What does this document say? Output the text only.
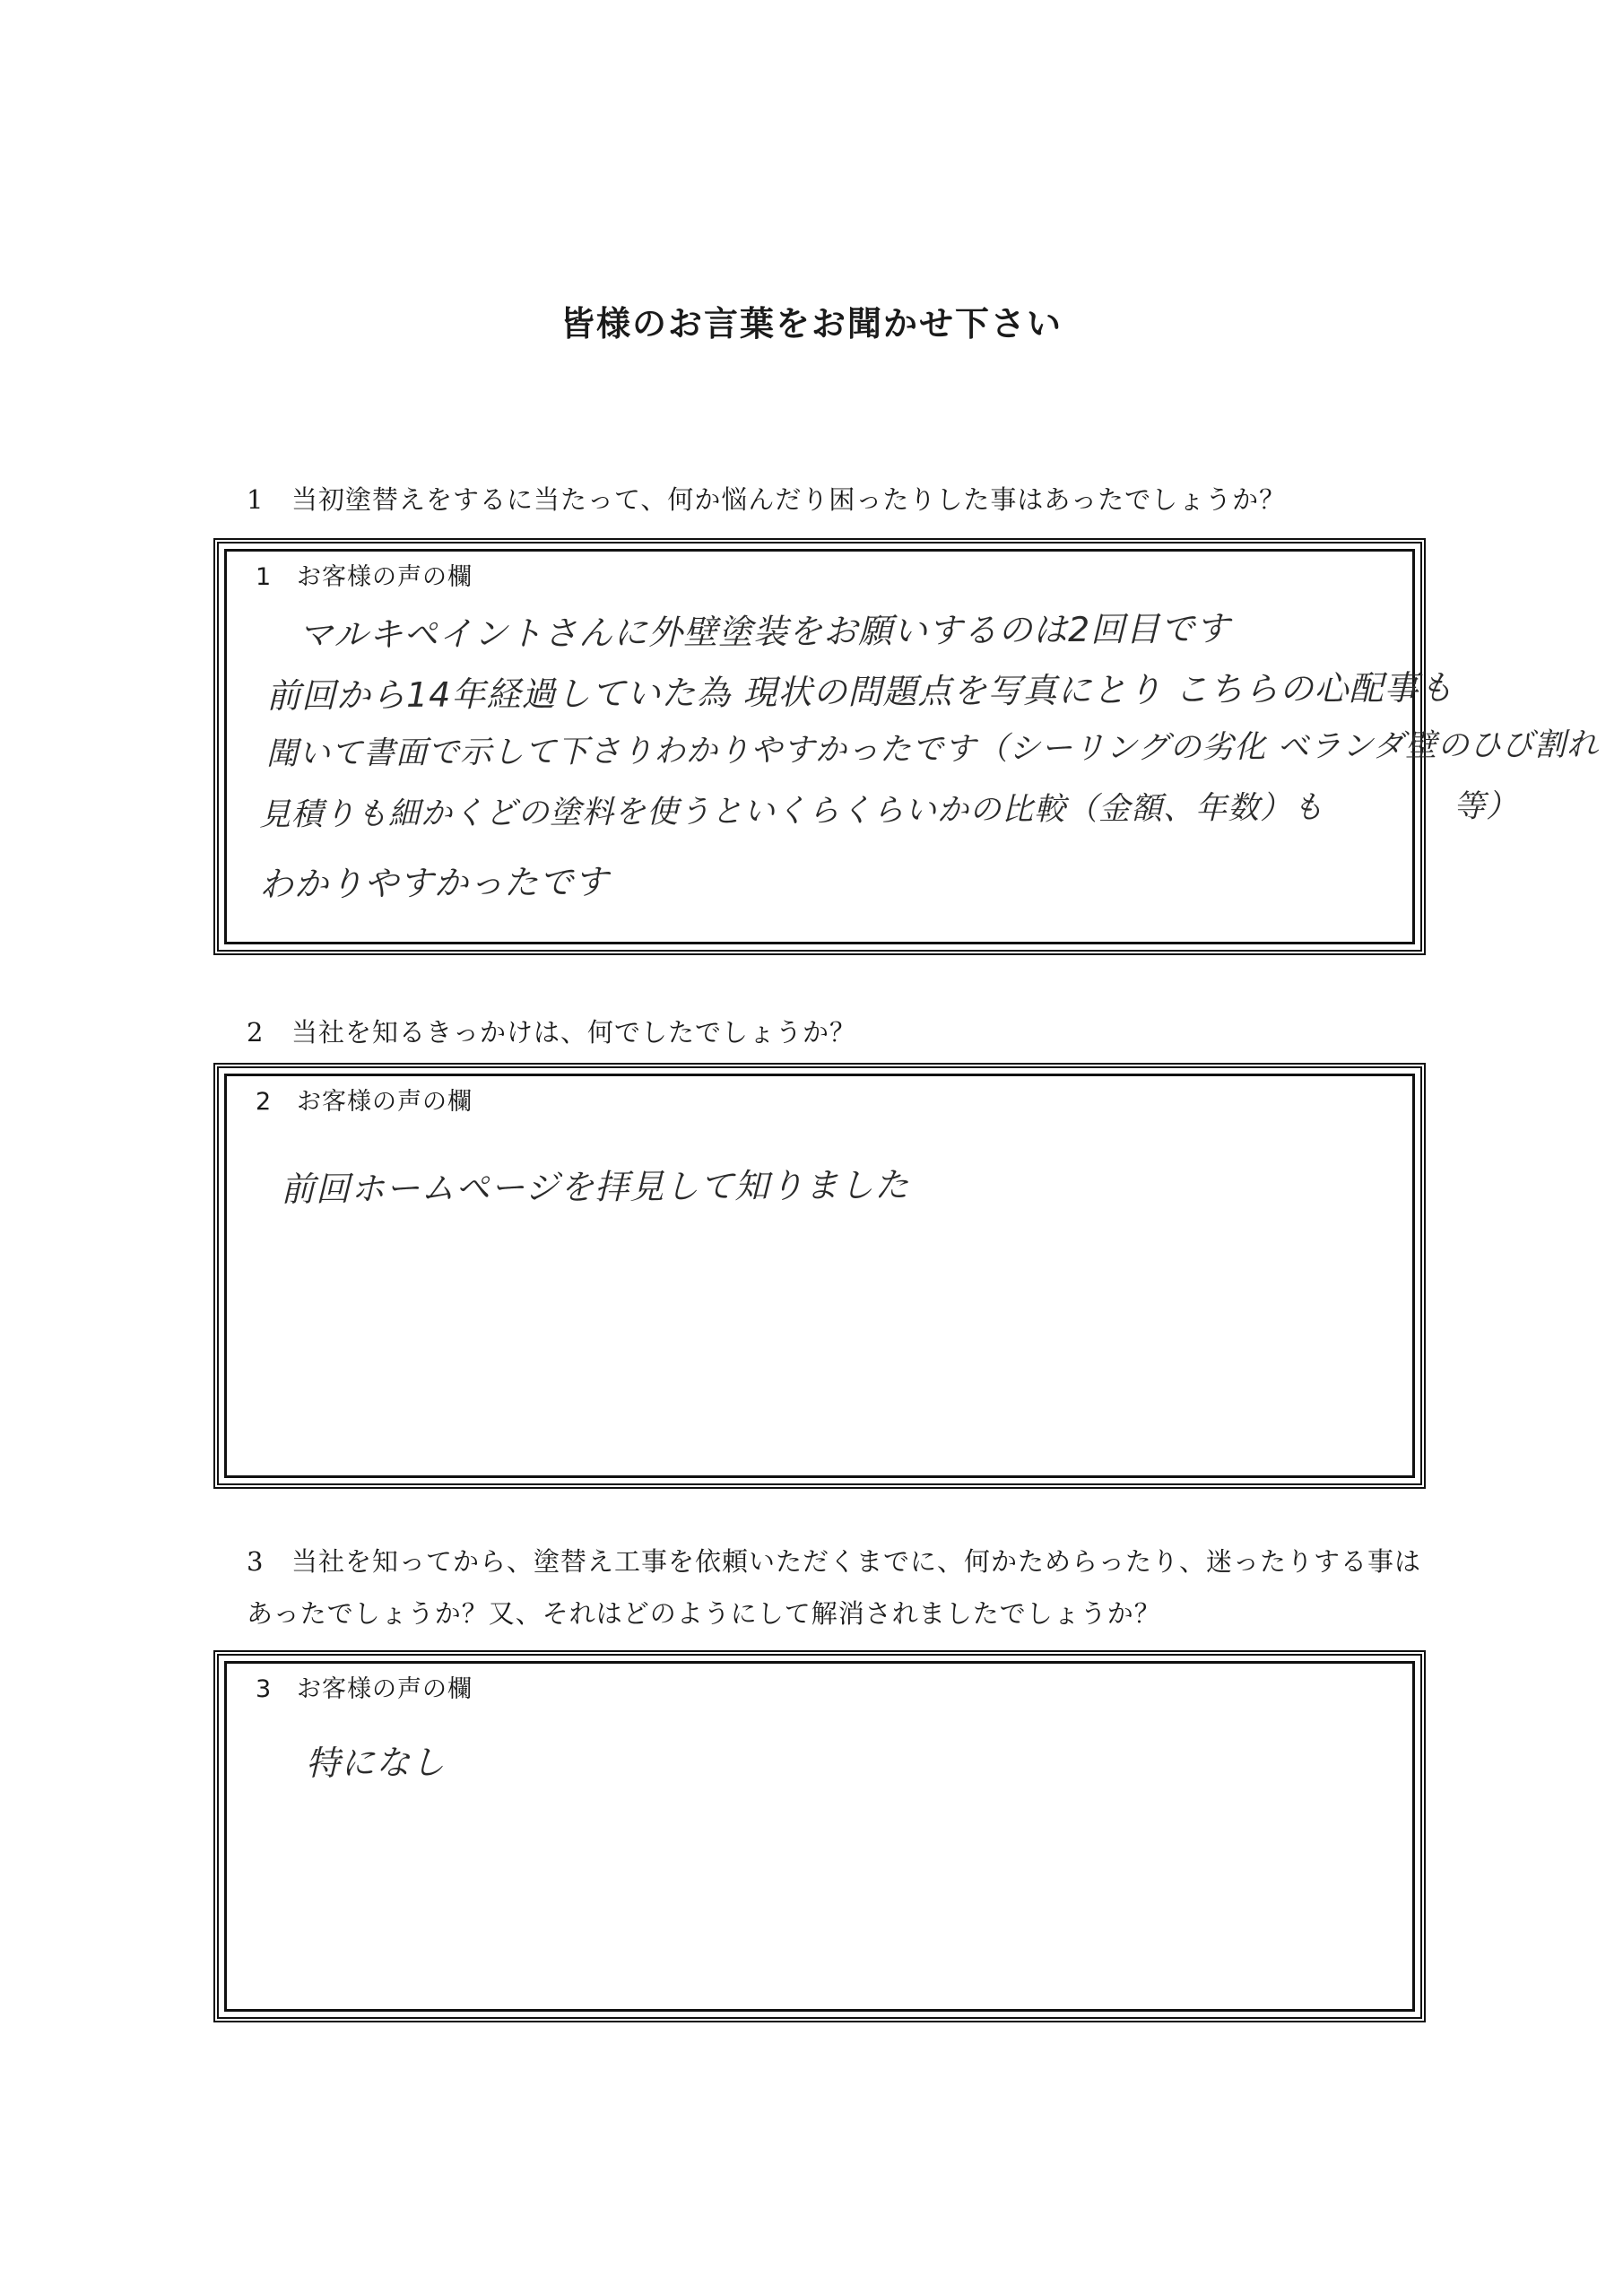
皆様のお言葉をお聞かせ下さい
1 当初塗替えをするに当たって、何か悩んだり困ったりした事はあったでしょうか？
1 お客様の声の欄
マルキペイントさんに外壁塗装をお願いするのは2回目です
前回から14年経過していた為 現状の問題点を写真にとり こちらの心配事も
聞いて書面で示して下さりわかりやすかったです（シーリングの劣化 ベランダ壁のひび割れ
見積りも細かくどの塗料を使うといくらくらいかの比較（金額、年数）も　　　　等）
わかりやすかったです
2 当社を知るきっかけは、何でしたでしょうか？
2 お客様の声の欄
前回ホームページを拝見して知りました
3 当社を知ってから、塗替え工事を依頼いただくまでに、何かためらったり、迷ったりする事はあったでしょうか？又、それはどのようにして解消されましたでしょうか？
3 お客様の声の欄
特になし
